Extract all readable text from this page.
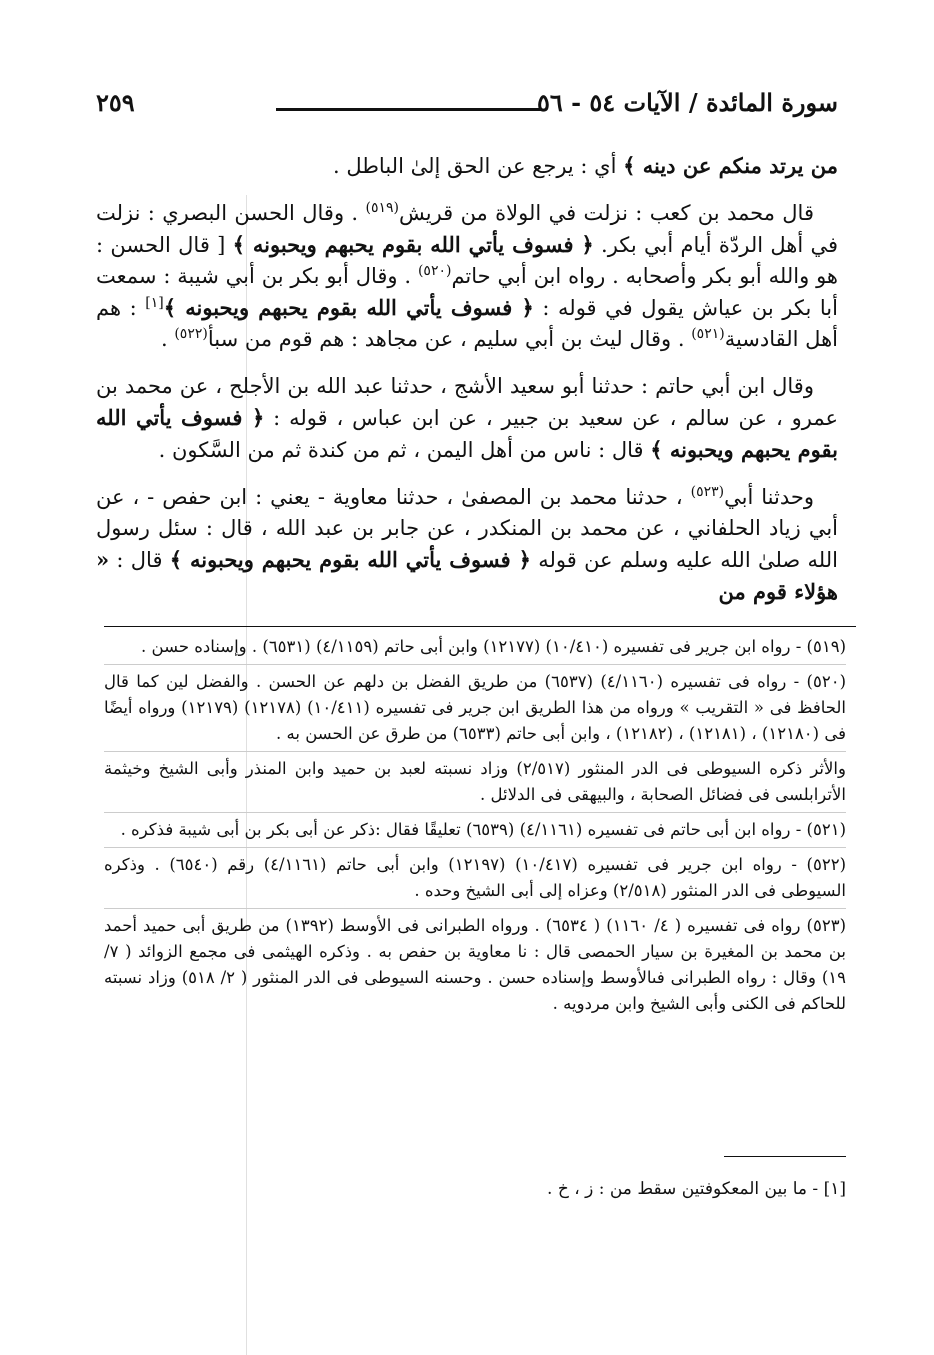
سورة المائدة / الآيات ٥٤ - ٥٦
٢٥٩

من يرتد منكم عن دينه ﴾ أي : يرجع عن الحق إلىٰ الباطل .

قال محمد بن كعب : نزلت في الولاة من قريش$^{(٥١٩)}$ . وقال الحسن البصري : نزلت في أهل الردّة أيام أبي بكر. ﴿ فسوف يأتي الله بقوم يحبهم ويحبونه ﴾ [ قال الحسن : هو والله أبو بكر وأصحابه . رواه ابن أبي حاتم$^{(٥٢٠)}$ . وقال أبو بكر بن أبي شيبة : سمعت أبا بكر بن عياش يقول في قوله : ﴿ فسوف يأتي الله بقوم يحبهم ويحبونه ﴾[١] : هم أهل القادسية$^{(٥٢١)}$ . وقال ليث بن أبي سليم ، عن مجاهد : هم قوم من سبأ$^{(٥٢٢)}$ .

وقال ابن أبي حاتم : حدثنا أبو سعيد الأشج ، حدثنا عبد الله بن الأجلح ، عن محمد بن عمرو ، عن سالم ، عن سعيد بن جبير ، عن ابن عباس ، قوله : ﴿ فسوف يأتي الله بقوم يحبهم ويحبونه ﴾ قال : ناس من أهل اليمن ، ثم من كندة ثم من السَّكون .

وحدثنا أبي$^{(٥٢٣)}$ ، حدثنا محمد بن المصفىٰ ، حدثنا معاوية - يعني : ابن حفص - ، عن أبي زياد الحلفاني ، عن محمد بن المنكدر ، عن جابر بن عبد الله ، قال : سئل رسول الله صلىٰ الله عليه وسلم عن قوله ﴿ فسوف يأتي الله بقوم يحبهم ويحبونه ﴾ قال : « هؤلاء قوم من

(٥١٩) - رواه ابن جرير فى تفسيره (١٠/٤١٠) (١٢١٧٧) وابن أبى حاتم (٤/١١٥٩) (٦٥٣١) . وإسناده حسن .
(٥٢٠) - رواه فى تفسيره (٤/١١٦٠) (٦٥٣٧) من طريق الفضل بن دلهم عن الحسن . والفضل لين كما قال الحافظ فى « التقريب » ورواه من هذا الطريق ابن جرير فى تفسيره (١٠/٤١١) (١٢١٧٨) (١٢١٧٩) ورواه أيضًا فى (١٢١٨٠) ، (١٢١٨١) ، (١٢١٨٢) ، وابن أبى حاتم (٦٥٣٣) من طرق عن الحسن به .
والأثر ذكره السيوطى فى الدر المنثور (٢/٥١٧) وزاد نسبته لعبد بن حميد وابن المنذر وأبى الشيخ وخيثمة الأترابلسى فى فضائل الصحابة ، والبيهقى فى الدلائل .
(٥٢١) - رواه ابن أبى حاتم فى تفسيره (٤/١١٦١) (٦٥٣٩) تعليقًا فقال :ذكر عن أبى بكر بن أبى شيبة فذكره .
(٥٢٢) - رواه ابن جرير فى تفسيره (١٠/٤١٧) (١٢١٩٧) وابن أبى حاتم (٤/١١٦١) رقم (٦٥٤٠) . وذكره السيوطى فى الدر المنثور (٢/٥١٨) وعزاه إلى أبى الشيخ وحده .
(٥٢٣) رواه فى تفسيره ( ٤/ ١١٦٠) ( ٦٥٣٤) . ورواه الطبرانى فى الأوسط (١٣٩٢) من طريق أبى حميد أحمد بن محمد بن المغيرة بن سيار الحمصى قال : نا معاوية بن حفص به . وذكره الهيثمى فى مجمع الزوائد ( ٧/ ١٩) وقال : رواه الطبرانى فىالأوسط وإسناده حسن . وحسنه السيوطى فى الدر المنثور ( ٢/ ٥١٨) وزاد نسبته للحاكم فى الكنى وأبى الشيخ وابن مردويه .
[١] - ما بين المعكوفتين سقط من : ز ، خ .
